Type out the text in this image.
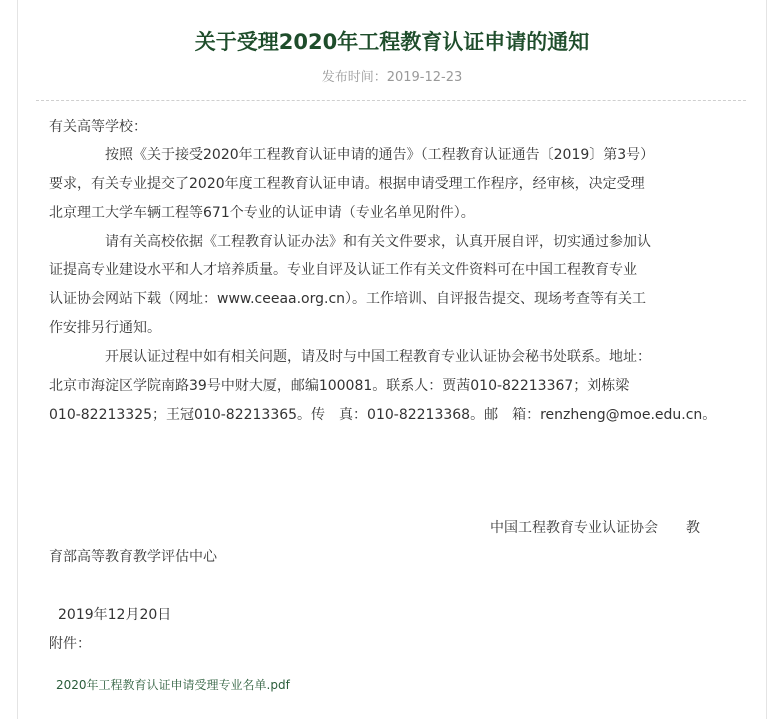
关于受理2020年工程教育认证申请的通知
发布时间：2019-12-23
有关高等学校：
按照《关于接受2020年工程教育认证申请的通告》（工程教育认证通告〔2019〕第3号）
要求，有关专业提交了2020年度工程教育认证申请。根据申请受理工作程序，经审核，决定受理
北京理工大学车辆工程等671个专业的认证申请（专业名单见附件）。
请有关高校依据《工程教育认证办法》和有关文件要求，认真开展自评，切实通过参加认
证提高专业建设水平和人才培养质量。专业自评及认证工作有关文件资料可在中国工程教育专业
认证协会网站下载（网址：www.ceeaa.org.cn）。工作培训、自评报告提交、现场考查等有关工
作安排另行通知。
开展认证过程中如有相关问题，请及时与中国工程教育专业认证协会秘书处联系。地址：
北京市海淀区学院南路39号中财大厦，邮编100081。联系人：贾茜010-82213367；刘栋梁
010-82213325；王冠010-82213365。传　真：010-82213368。邮　箱：renzheng@moe.edu.cn。
中国工程教育专业认证协会　　教
育部高等教育教学评估中心
2019年12月20日
附件：
2020年工程教育认证申请受理专业名单.pdf
